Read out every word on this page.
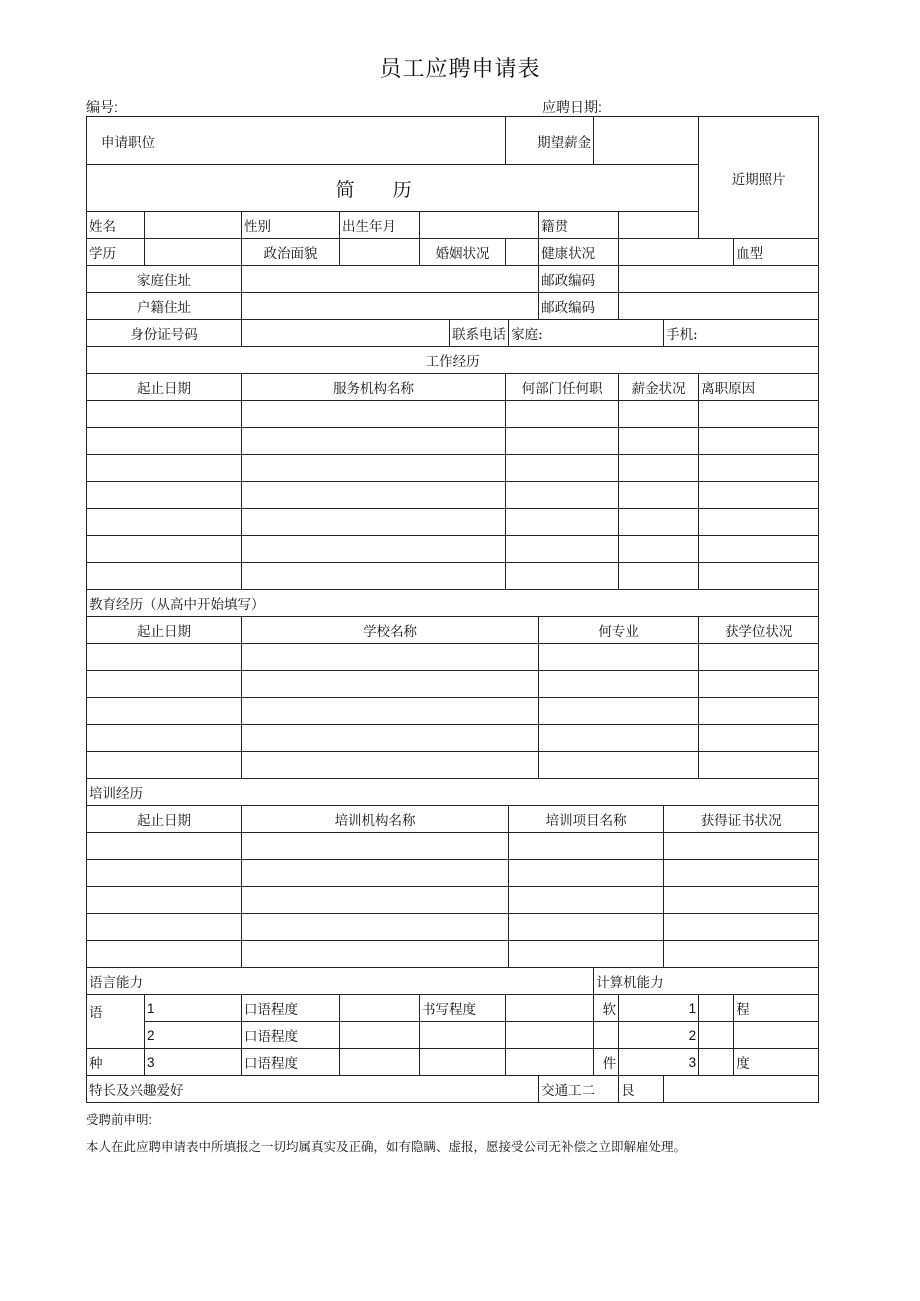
员工应聘申请表
编号:	应聘日期:
申请职位						期望薪金						近期照片		
简历														
姓名		性别	出生年月					籍贯						
学历		政治面貌		婚姻状况				健康状况					血型	
家庭住址								邮政编码						
户籍住址								邮政编码						
身份证号码					联系电话		家庭:				手机:			
工作经历														
起止日期		服务机构名称				何部门任何职				薪金状况		离职原因		

教育经历（从高中开始填写）														
起止日期		学校名称						何专业				获学位状况		

培训经历														
起止日期		培训机构名称					培训项目名称				获得证书状况			

语言能力									计算机能力					
语	1	口语程度		书写程度					软	1			程	
	2	口语程度								2				
种	3	口语程度							件	3			度	
特长及兴趣爱好								交通工二		艮				
受聘前申明:
本人在此应聘申请表中所填报之一切均属真实及正确，如有隐瞒、虚报，愿接受公司无补偿之立即解雇处理。
